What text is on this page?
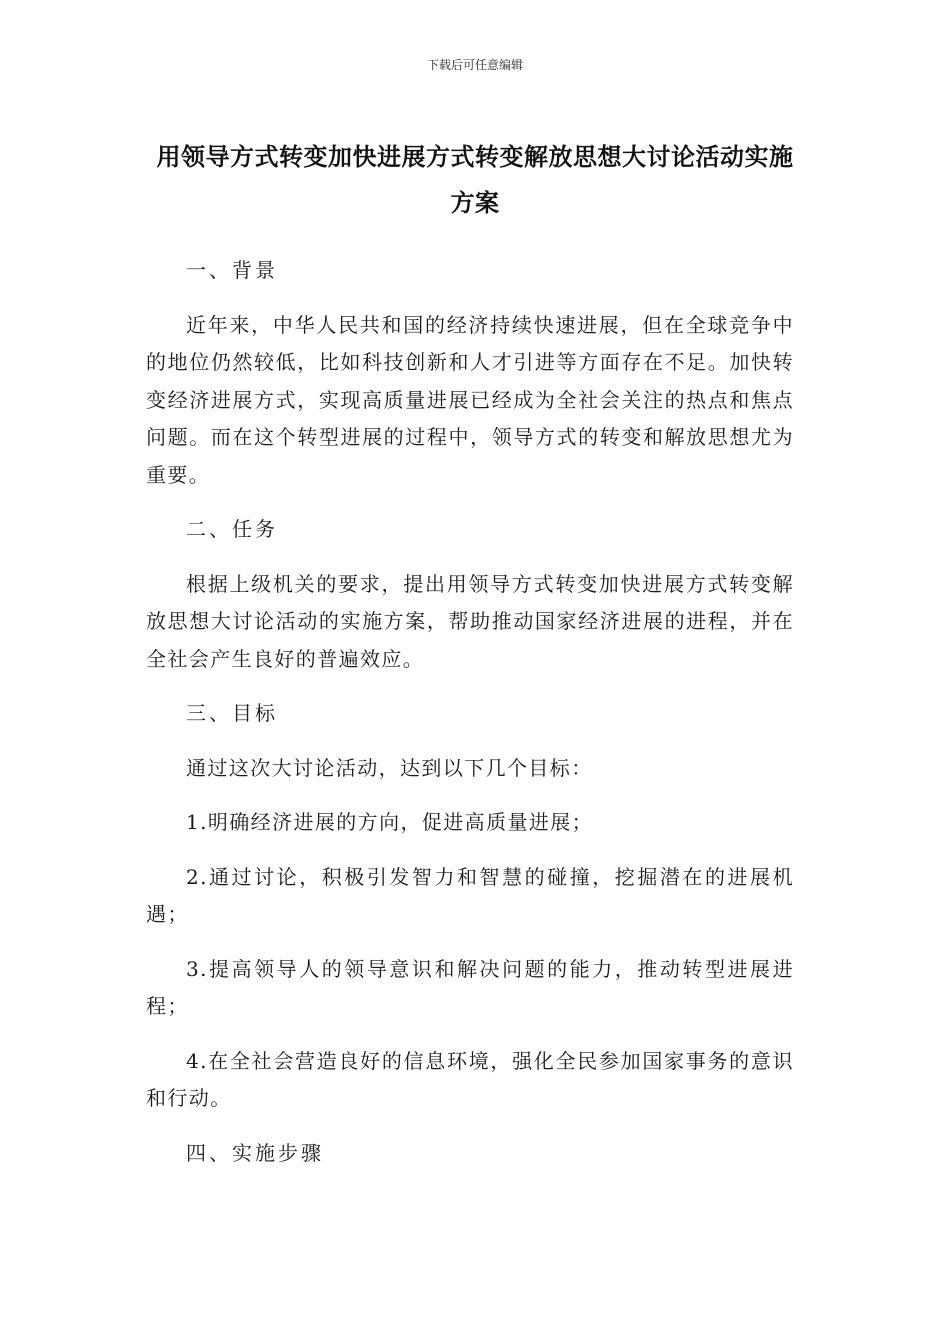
下载后可任意编辑
用领导方式转变加快进展方式转变解放思想大讨论活动实施方案

一、背景

近年来，中华人民共和国的经济持续快速进展，但在全球竞争中的地位仍然较低，比如科技创新和人才引进等方面存在不足。加快转变经济进展方式，实现高质量进展已经成为全社会关注的热点和焦点问题。而在这个转型进展的过程中，领导方式的转变和解放思想尤为重要。

二、任务

根据上级机关的要求，提出用领导方式转变加快进展方式转变解放思想大讨论活动的实施方案，帮助推动国家经济进展的进程，并在全社会产生良好的普遍效应。

三、目标

通过这次大讨论活动，达到以下几个目标：

1.明确经济进展的方向，促进高质量进展；

2.通过讨论，积极引发智力和智慧的碰撞，挖掘潜在的进展机遇；

3.提高领导人的领导意识和解决问题的能力，推动转型进展进程；

4.在全社会营造良好的信息环境，强化全民参加国家事务的意识和行动。

四、实施步骤
